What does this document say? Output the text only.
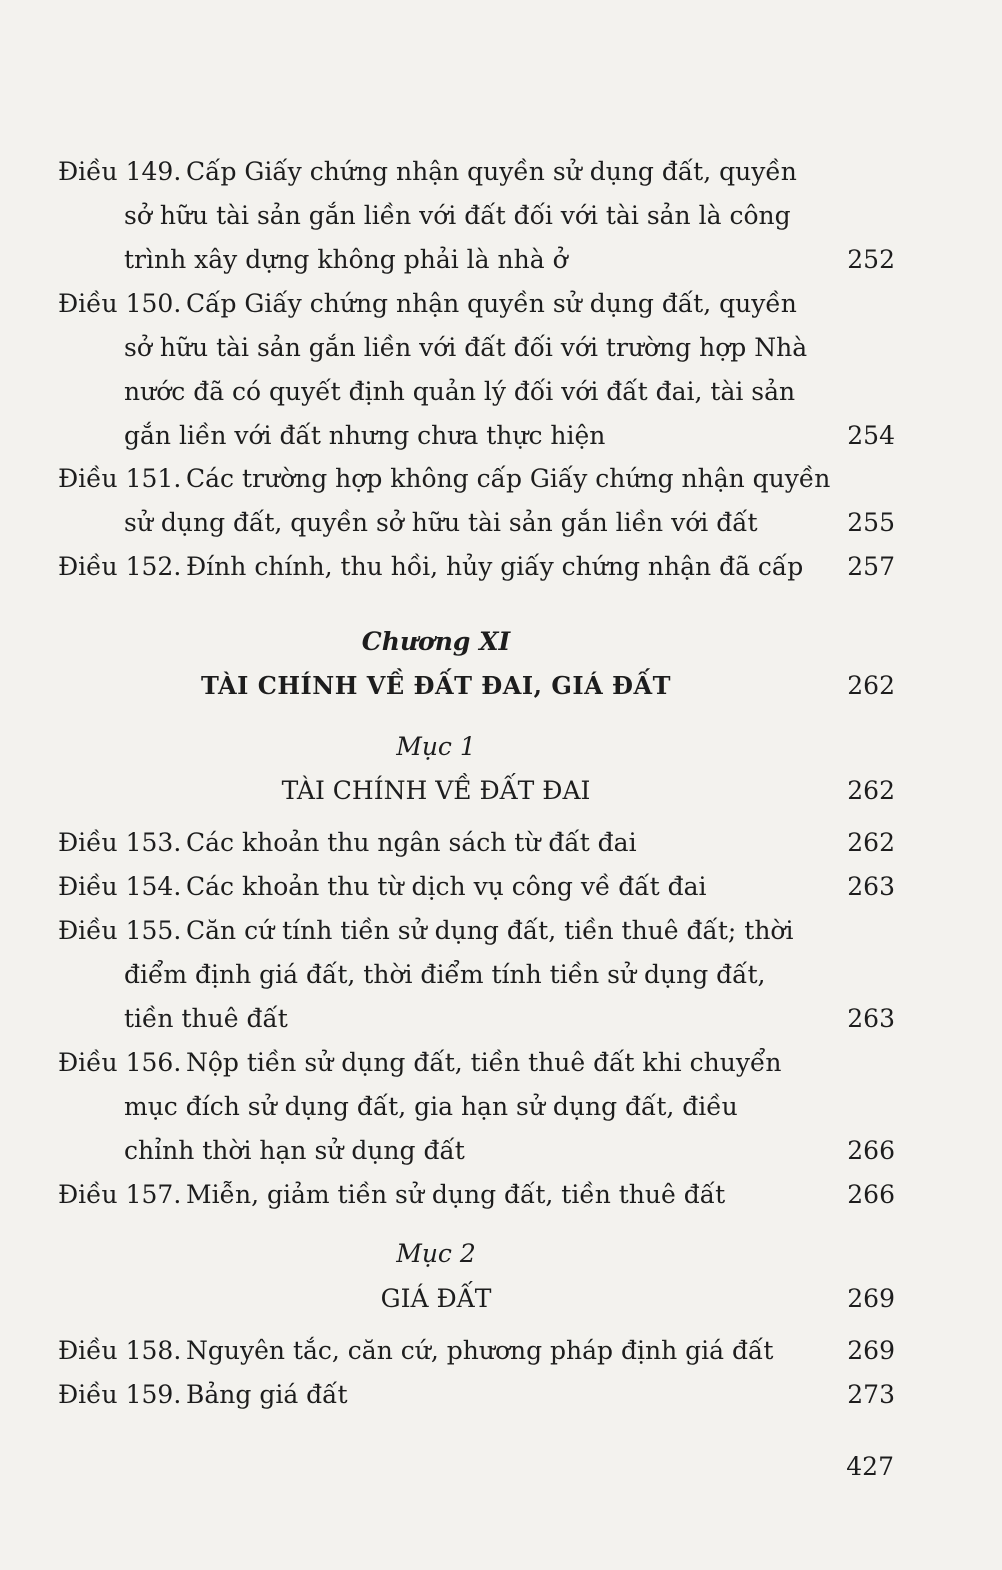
Điều 149. Cấp Giấy chứng nhận quyền sử dụng đất, quyền
sở hữu tài sản gắn liền với đất đối với tài sản là công
trình xây dựng không phải là nhà ở	252
Điều 150. Cấp Giấy chứng nhận quyền sử dụng đất, quyền
sở hữu tài sản gắn liền với đất đối với trường hợp Nhà
nước đã có quyết định quản lý đối với đất đai, tài sản
gắn liền với đất nhưng chưa thực hiện	254
Điều 151. Các trường hợp không cấp Giấy chứng nhận quyền
sử dụng đất, quyền sở hữu tài sản gắn liền với đất	255
Điều 152. Đính chính, thu hồi, hủy giấy chứng nhận đã cấp 257
Chương XI
TÀI CHÍNH VỀ ĐẤT ĐAI, GIÁ ĐẤT	262
Mục 1
TÀI CHÍNH VỀ ĐẤT ĐAI	262
Điều 153. Các khoản thu ngân sách từ đất đai	262
Điều 154. Các khoản thu từ dịch vụ công về đất đai	263
Điều 155. Căn cứ tính tiền sử dụng đất, tiền thuê đất; thời
điểm định giá đất, thời điểm tính tiền sử dụng đất,
tiền thuê đất	263
Điều 156. Nộp tiền sử dụng đất, tiền thuê đất khi chuyển
mục đích sử dụng đất, gia hạn sử dụng đất, điều
chỉnh thời hạn sử dụng đất	266
Điều 157. Miễn, giảm tiền sử dụng đất, tiền thuê đất	266
Mục 2
GIÁ ĐẤT	269
Điều 158. Nguyên tắc, căn cứ, phương pháp định giá đất	269
Điều 159. Bảng giá đất	273
427
